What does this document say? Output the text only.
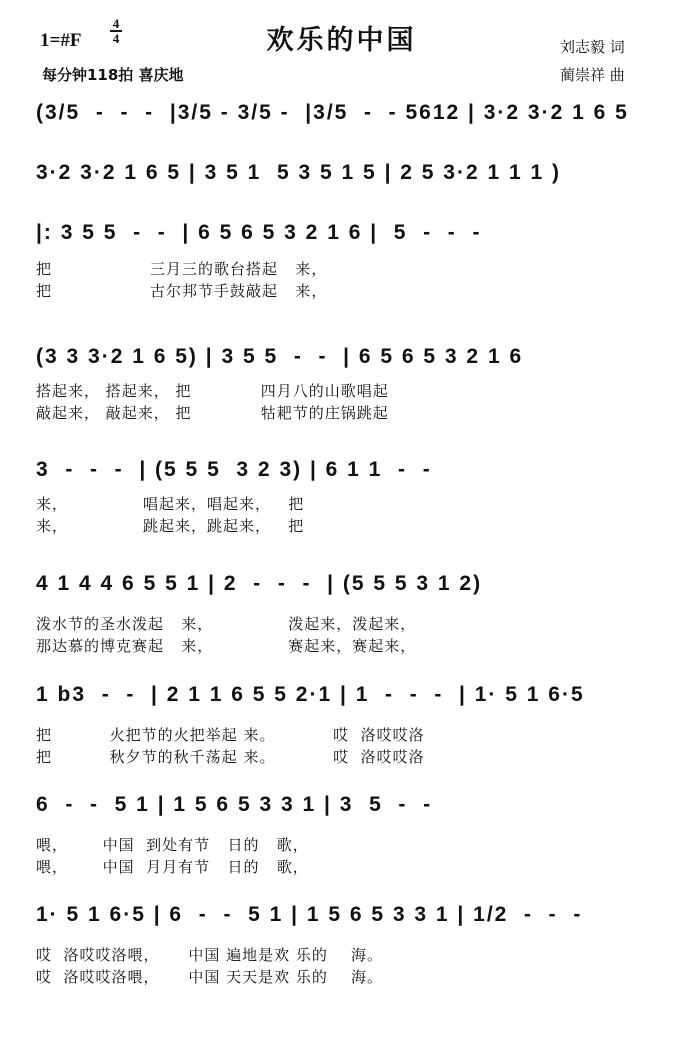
欢乐的中国
1=#F
4
4
每分钟118拍 喜庆地
刘志毅 词
蔺崇祥 曲
(3/5  -  -  -  |3/5 - 3/5 -  |3/5  -  - 5612 | 3·2 3·2 1 6 5
3·2 3·2 1 6 5 | 3 5 1  5 3 5 1 5 | 2 5 3·2 1 1 1 )
|: 3 5 5  -  -  | 6 5 6 5 3 2 1 6 |  5  -  -  -
把                 三月三的歌台搭起   来，
把                 古尔邦节手鼓敲起   来，
(3 3 3·2 1 6 5) | 3 5 5  -  -  | 6 5 6 5 3 2 1 6
搭起来， 搭起来， 把            四月八的山歌唱起
敲起来， 敲起来， 把            牯耙节的庄锅跳起
3  -  -  -  | (5 5 5  3 2 3) | 6 1 1  -  -
来，             唱起来，唱起来，   把
来，             跳起来，跳起来，   把
4 1 4 4 6 5 5 1 | 2  -  -  -  | (5 5 5 3 1 2)
泼水节的圣水泼起   来，             泼起来，泼起来，
那达慕的博克赛起   来，             赛起来，赛起来，
1 b3  -  -  | 2 1 1 6 5 5 2·1 | 1  -  -  -  | 1· 5 1 6·5
把          火把节的火把举起 来。          哎  洛哎哎洛
把          秋夕节的秋千荡起 来。          哎  洛哎哎洛
6  -  -  5 1 | 1 5 6 5 3 3 1 | 3  5  -  -
喂，      中国  到处有节   日的   歌，
喂，      中国  月月有节   日的   歌，
1· 5 1 6·5 | 6  -  -  5 1 | 1 5 6 5 3 3 1 | 1/2  -  -  -
哎  洛哎哎洛喂，     中国 遍地是欢 乐的    海。
哎  洛哎哎洛喂，     中国 天天是欢 乐的    海。
